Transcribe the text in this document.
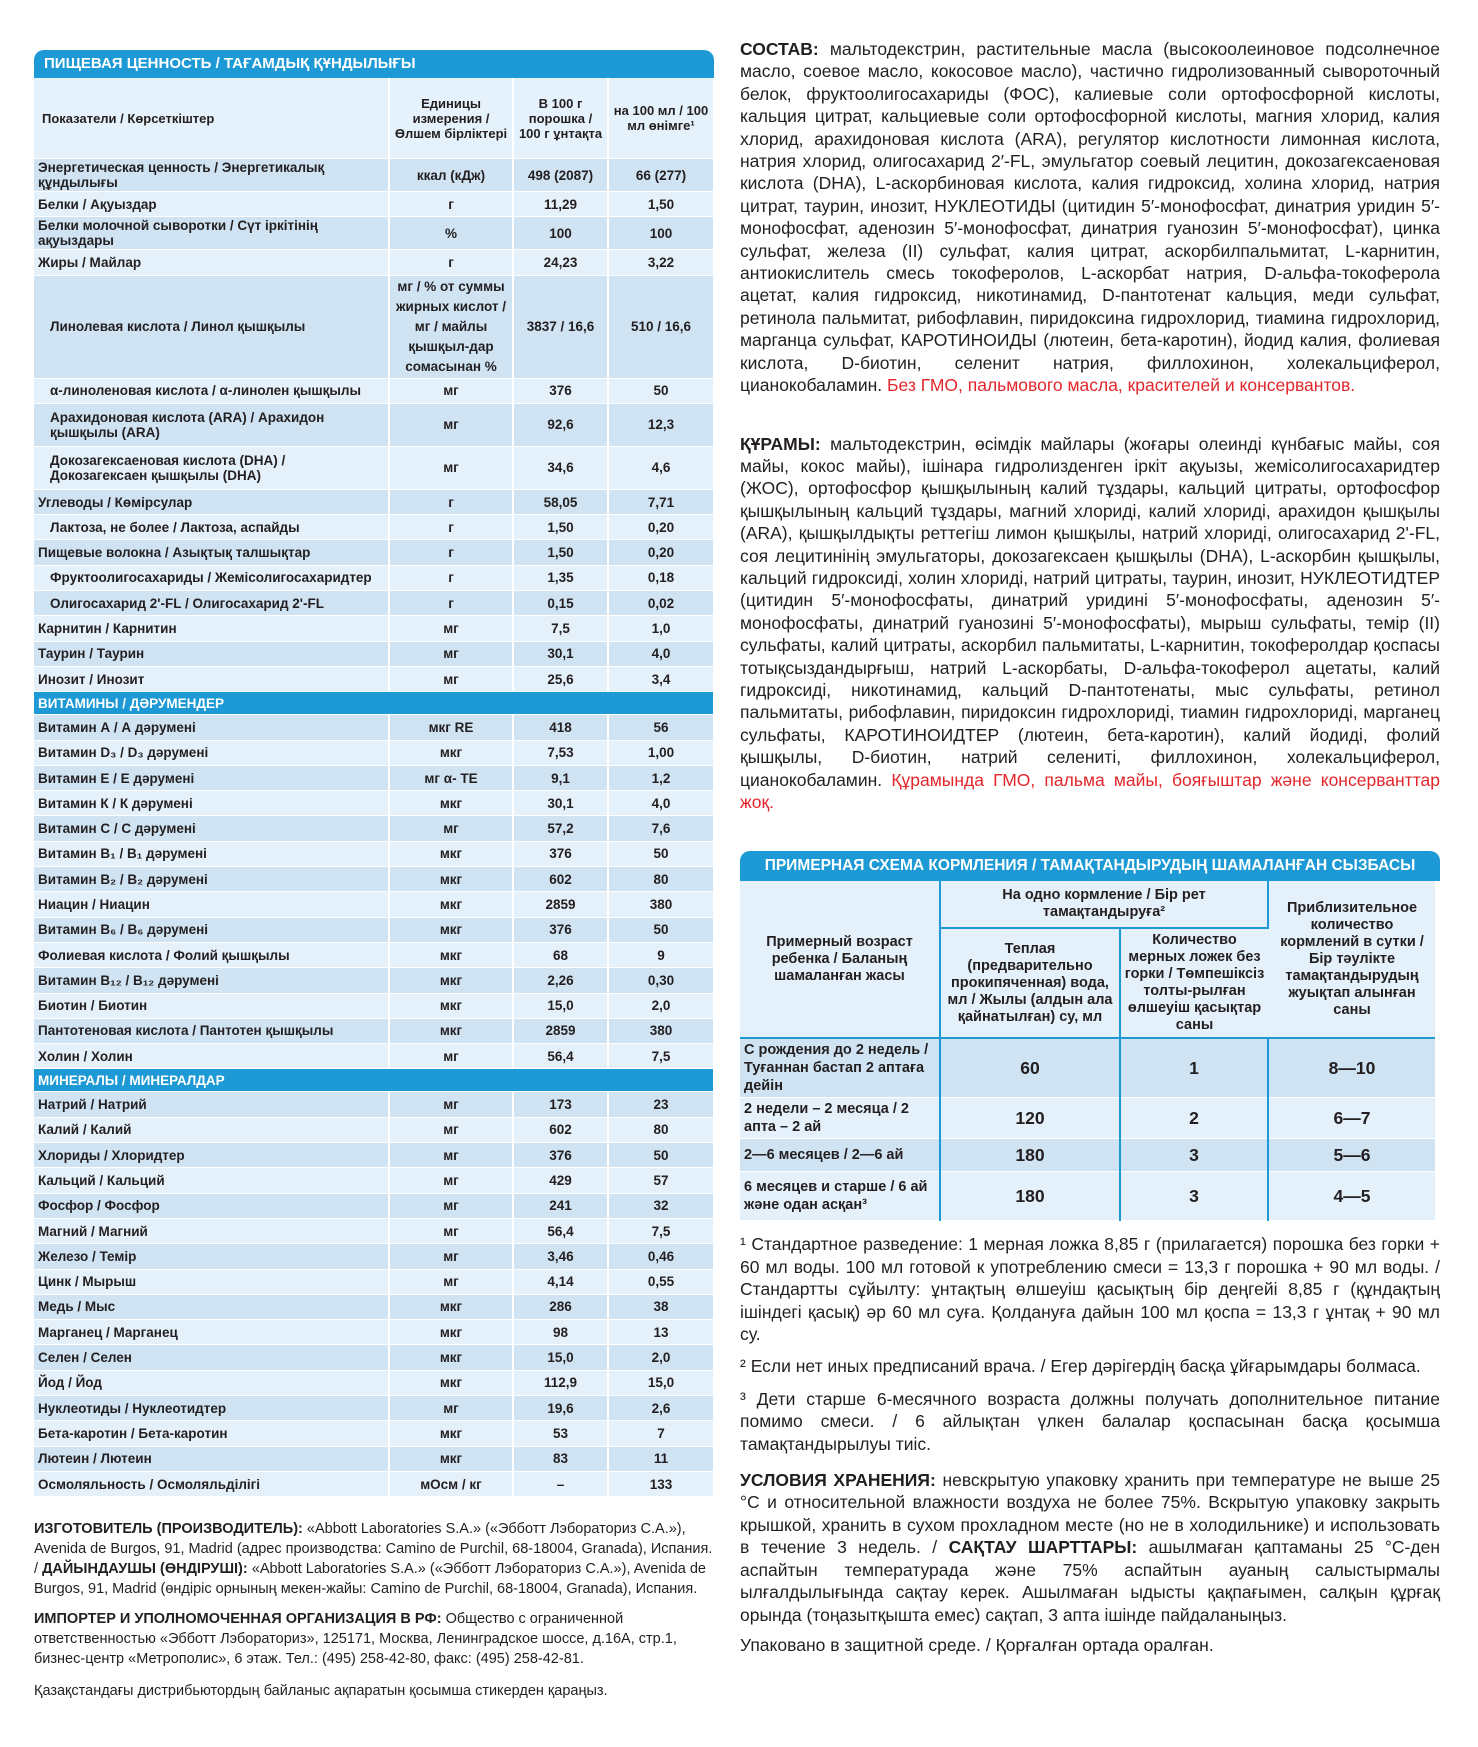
ПИЩЕВАЯ ЦЕННОСТЬ / ТАҒАМДЫҚ ҚҰНДЫЛЫҒЫ
Показатели / Көрсеткіштер	Единицы измерения / Өлшем бірліктері	В 100 г порошка / 100 г ұнтақта	на 100 мл / 100 мл өнімге¹
Энергетическая ценность / Энергетикалық құндылығы	ккал (кДж)	498 (2087)	66 (277)
Белки / Ақуыздар	г	11,29	1,50
Белки молочной сыворотки / Сүт іркітінің ақуыздары	%	100	100
Жиры / Майлар	г	24,23	3,22
Линолевая кислота / Линол қышқылы	мг / % от суммы жирных кислот / мг / майлы қышқыл-дар сомасынан %	3837 / 16,6	510 / 16,6
α-линоленовая кислота / α-линолен қышқылы	мг	376	50
Арахидоновая кислота (ARA) / Арахидон қышқылы (ARA)	мг	92,6	12,3
Докозагексаеновая кислота (DHA) / Докозагексаен қышқылы (DHA)	мг	34,6	4,6
Углеводы / Көмірсулар	г	58,05	7,71
Лактоза, не более / Лактоза, аспайды	г	1,50	0,20
Пищевые волокна / Азықтық талшықтар	г	1,50	0,20
Фруктоолигосахариды / Жемісолигосахаридтер	г	1,35	0,18
Олигосахарид 2'-FL / Олигосахарид 2'-FL	г	0,15	0,02
Карнитин / Карнитин	мг	7,5	1,0
Таурин / Таурин	мг	30,1	4,0
Инозит / Инозит	мг	25,6	3,4
ВИТАМИНЫ / ДӘРУМЕНДЕР			
Витамин А / А дәрумені	мкг RE	418	56
Витамин D₃ / D₃ дәрумені	мкг	7,53	1,00
Витамин Е / Е дәрумені	мг α- ТЕ	9,1	1,2
Витамин К / К дәрумені	мкг	30,1	4,0
Витамин С / С дәрумені	мг	57,2	7,6
Витамин В₁ / В₁ дәрумені	мкг	376	50
Витамин В₂ / В₂ дәрумені	мкг	602	80
Ниацин / Ниацин	мкг	2859	380
Витамин В₆ / В₆ дәрумені	мкг	376	50
Фолиевая кислота / Фолий қышқылы	мкг	68	9
Витамин В₁₂ / В₁₂ дәрумені	мкг	2,26	0,30
Биотин / Биотин	мкг	15,0	2,0
Пантотеновая кислота / Пантотен қышқылы	мкг	2859	380
Холин / Холин	мг	56,4	7,5
МИНЕРАЛЫ / МИНЕРАЛДАР			
Натрий / Натрий	мг	173	23
Калий / Калий	мг	602	80
Хлориды / Хлоридтер	мг	376	50
Кальций / Кальций	мг	429	57
Фосфор / Фосфор	мг	241	32
Магний / Магний	мг	56,4	7,5
Железо / Темір	мг	3,46	0,46
Цинк / Мырыш	мг	4,14	0,55
Медь / Мыс	мкг	286	38
Марганец / Марганец	мкг	98	13
Селен / Селен	мкг	15,0	2,0
Йод / Йод	мкг	112,9	15,0
Нуклеотиды / Нуклеотидтер	мг	19,6	2,6
Бета-каротин / Бета-каротин	мкг	53	7
Лютеин / Лютеин	мкг	83	11
Осмоляльность / Осмоляльділігі	мОсм / кг	–	133

ИЗГОТОВИТЕЛЬ (ПРОИЗВОДИТЕЛЬ): «Abbott Laboratories S.A.» («Эбботт Лэбораториз С.А.»), Avenida de Burgos, 91, Madrid (адрес производства: Camino de Purchil, 68-18004, Granada), Испания. / ДАЙЫНДАУШЫ (ӨНДІРУШІ): «Abbott Laboratories S.A.» («Эбботт Лэбораториз С.А.»), Avenida de Burgos, 91, Madrid (өндіріс орнының мекен-жайы: Camino de Purchil, 68-18004, Granada), Испания.

ИМПОРТЕР И УПОЛНОМОЧЕННАЯ ОРГАНИЗАЦИЯ В РФ: Общество с ограниченной ответственностью «Эбботт Лэбораториз», 125171, Москва, Ленинградское шоссе, д.16А, стр.1, бизнес-центр «Метрополис», 6 этаж. Тел.: (495) 258-42-80, факс: (495) 258-42-81.

Қазақстандағы дистрибьютордың байланыс ақпаратын қосымша стикерден қараңыз.

СОСТАВ: мальтодекстрин, растительные масла (высокоолеиновое подсолнечное масло, соевое масло, кокосовое масло), частично гидролизованный сывороточный белок, фруктоолигосахариды (ФОС), калиевые соли ортофосфорной кислоты, кальция цитрат, кальциевые соли ортофосфорной кислоты, магния хлорид, калия хлорид, арахидоновая кислота (ARA), регулятор кислотности лимонная кислота, натрия хлорид, олигосахарид 2′-FL, эмульгатор соевый лецитин, докозагексаеновая кислота (DHA), L-аскорбиновая кислота, калия гидроксид, холина хлорид, натрия цитрат, таурин, инозит, НУКЛЕОТИДЫ (цитидин 5′-монофосфат, динатрия уридин 5′-монофосфат, аденозин 5′-монофосфат, динатрия гуанозин 5′-монофосфат), цинка сульфат, железа (II) сульфат, калия цитрат, аскорбилпальмитат, L-карнитин, антиокислитель смесь токоферолов, L-аскорбат натрия, D-альфа-токоферола ацетат, калия гидроксид, никотинамид, D-пантотенат кальция, меди сульфат, ретинола пальмитат, рибофлавин, пиридоксина гидрохлорид, тиамина гидрохлорид, марганца сульфат, КАРОТИНОИДЫ (лютеин, бета-каротин), йодид калия, фолиевая кислота, D-биотин, селенит натрия, филлохинон, холекальциферол, цианокобаламин. Без ГМО, пальмового масла, красителей и консервантов.

ҚҰРАМЫ: мальтодекстрин, өсімдік майлары (жоғары олеинді күнбағыс майы, соя майы, кокос майы), ішінара гидролизденген іркіт ақуызы, жемісолигосахаридтер (ЖОС), ортофосфор қышқылының калий тұздары, кальций цитраты, ортофосфор қышқылының кальций тұздары, магний хлориді, калий хлориді, арахидон қышқылы (ARA), қышқылдықты реттегіш лимон қышқылы, натрий хлориді, олигосахарид 2'-FL, соя лецитинінің эмульгаторы, докозагексаен қышқылы (DHA), L-аскорбин қышқылы, кальций гидроксиді, холин хлориді, натрий цитраты, таурин, инозит, НУКЛЕОТИДТЕР (цитидин 5′-монофосфаты, динатрий уридині 5′-монофосфаты, аденозин 5′-монофосфаты, динатрий гуанозині 5′-монофосфаты), мырыш сульфаты, темір (II) сульфаты, калий цитраты, аскорбил пальмитаты, L-карнитин, токоферолдар қоспасы тотықсыздандырғыш, натрий L-аскорбаты, D-альфа-токоферол ацетаты, калий гидроксиді, никотинамид, кальций D-пантотенаты, мыс сульфаты, ретинол пальмитаты, рибофлавин, пиридоксин гидрохлориді, тиамин гидрохлориді, марганец сульфаты, КАРОТИНОИДТЕР (лютеин, бета-каротин), калий йодиді, фолий қышқылы, D-биотин, натрий селениті, филлохинон, холекальциферол, цианокобаламин. Құрамында ГМО, пальма майы, бояғыштар және консерванттар жоқ.

ПРИМЕРНАЯ СХЕМА КОРМЛЕНИЯ / ТАМАҚТАНДЫРУДЫҢ ШАМАЛАНҒАН СЫЗБАСЫ
Примерный возраст ребенка / Баланың шамаланған жасы	На одно кормление / Бір рет тамақтандыруға²		Приблизительное количество кормлений в сутки / Бір тәулікте тамақтандырудың жуықтап алынған саны
	Теплая (предварительно прокипяченная) вода, мл / Жылы (алдын ала қайнатылған) су, мл	Количество мерных ложек без горки / Төмпешіксіз толты-рылған өлшеуіш қасықтар саны	
С рождения до 2 недель / Туғаннан бастап 2 аптаға дейін	60	1	8—10
2 недели – 2 месяца / 2 апта – 2 ай	120	2	6—7
2—6 месяцев / 2—6 ай	180	3	5—6
6 месяцев и старше / 6 ай және одан асқан³	180	3	4—5

¹ Стандартное разведение: 1 мерная ложка 8,85 г (прилагается) порошка без горки + 60 мл воды. 100 мл готовой к употреблению смеси = 13,3 г порошка + 90 мл воды. / Стандартты сұйылту: ұнтақтың өлшеуіш қасықтың бір деңгейі 8,85 г (құндақтың ішіндегі қасық) әр 60 мл суға. Қолдануға дайын 100 мл қоспа = 13,3 г ұнтақ + 90 мл су.

² Если нет иных предписаний врача. / Егер дәрігердің басқа ұйғарымдары болмаса.

³ Дети старше 6-месячного возраста должны получать дополнительное питание помимо смеси. / 6 айлықтан үлкен балалар қоспасынан басқа қосымша тамақтандырылуы тиіс.

УСЛОВИЯ ХРАНЕНИЯ: невскрытую упаковку хранить при температуре не выше 25 °С и относительной влажности воздуха не более 75%. Вскрытую упаковку закрыть крышкой, хранить в сухом прохладном месте (но не в холодильнике) и использовать в течение 3 недель. / САҚТАУ ШАРТТАРЫ: ашылмаған қаптаманы 25 °С-ден аспайтын температурада және 75% аспайтын ауаның салыстырмалы ылғалдылығында сақтау керек. Ашылмаған ыдысты қақпағымен, салқын құрғақ орында (тоңазытқышта емес) сақтап, 3 апта ішінде пайдаланыңыз.

Упаковано в защитной среде. / Қорғалған ортада оралған.
